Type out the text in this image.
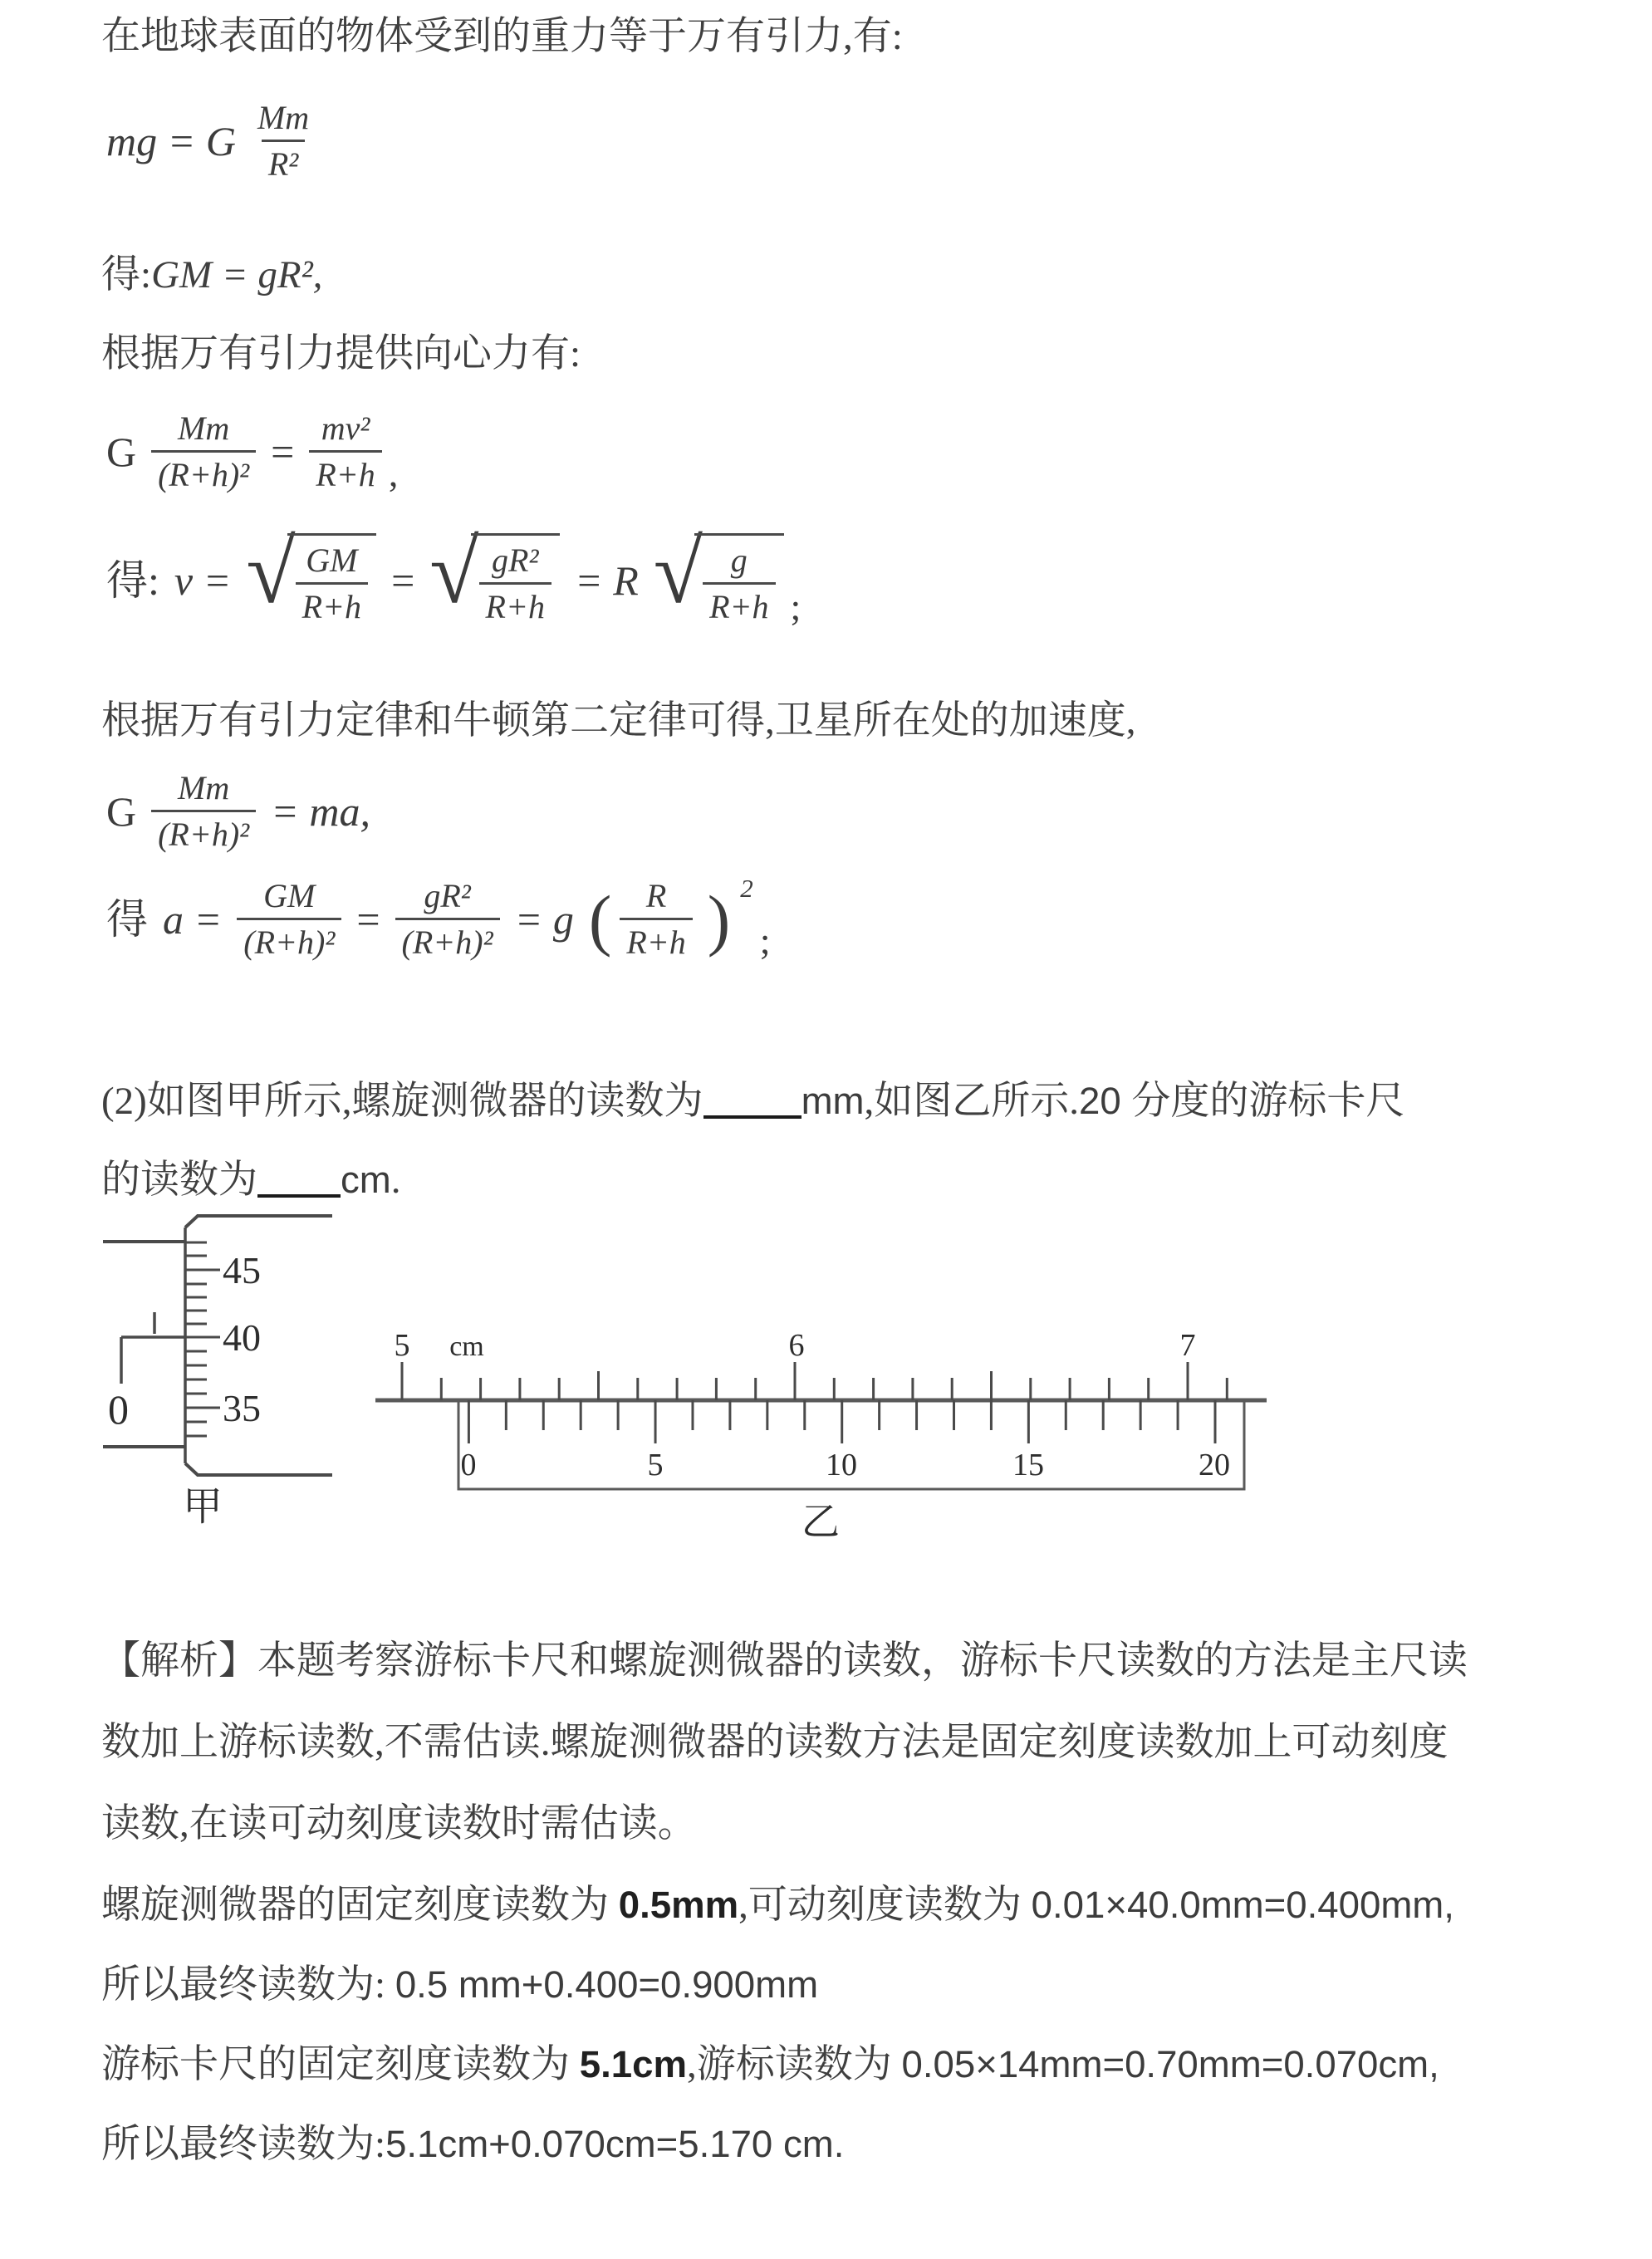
在地球表面的物体受到的重力等于万有引力,有:
mg = G $\frac{Mm}{\text{R²}}$
得:GM = gR²,
根据万有引力提供向心力有:
G $\frac{Mm}{\text{(R+h)²}} = \frac{\text{mv²}}{R+h}$ ,
得: v = √ $\frac{GM}{R+h}$ = √ $\frac{\text{gR²}}{R+h} = R$ √ $\frac{g}{R+h}$ ;
根据万有引力定律和牛顿第二定律可得,卫星所在处的加速度,
G $\frac{Mm}{\text{(R+h)²}}$ = ma,
得 $a = \frac{GM}{\text{(R+h)²}} = \frac{\text{gR²}}{\text{(R+h)²}} = g$ ( $\frac{R}{R+h}$ ) 2
;
(2)如图甲所示,螺旋测微器的读数为	mm,如图乙所示.20 分度的游标卡尺
的读数为 cm.
45
40
35
0
甲
5 cm	6	7
0	5	10	15	20
乙
【解析】本题考察游标卡尺和螺旋测微器的读数，游标卡尺读数的方法是主尺读
数加上游标读数,不需估读.螺旋测微器的读数方法是固定刻度读数加上可动刻度
读数,在读可动刻度读数时需估读。
螺旋测微器的固定刻度读数为 0.5mm,可动刻度读数为 0.01×40.0mm=0.400mm,
所以最终读数为: 0.5 mm+0.400=0.900mm
游标卡尺的固定刻度读数为 5.1cm,游标读数为 0.05×14mm=0.70mm=0.070cm,
所以最终读数为:5.1cm+0.070cm=5.170 cm.
